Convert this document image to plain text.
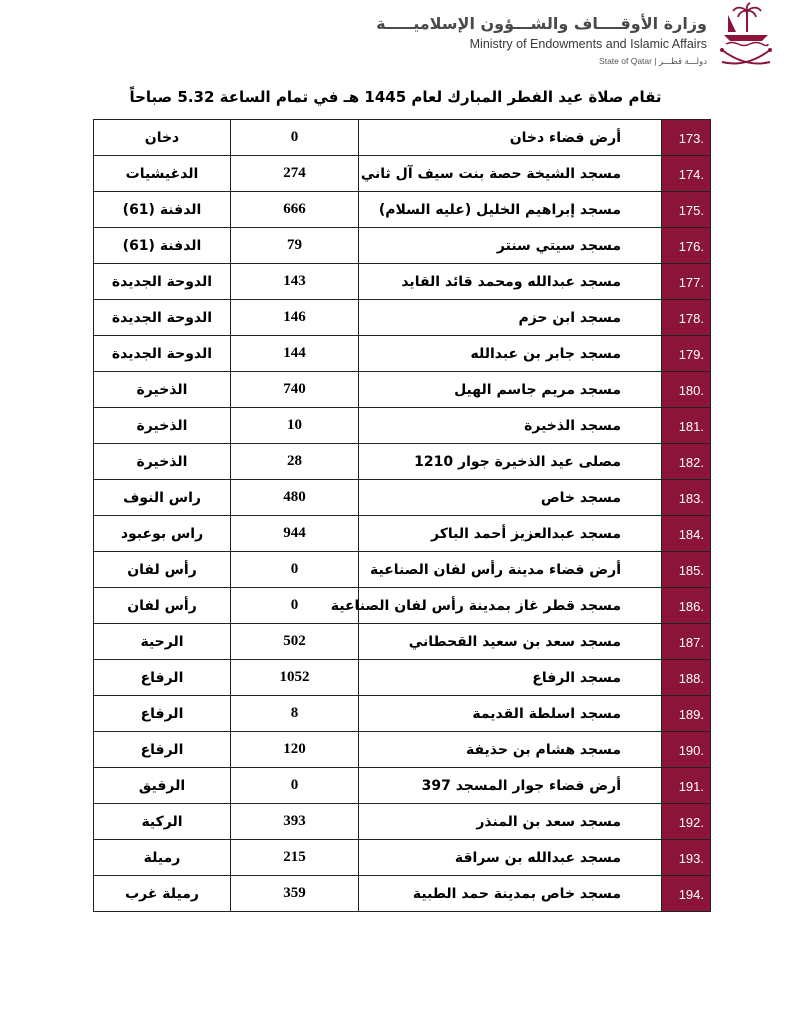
وزارة الأوقــــاف والشـــؤون الإسلاميـــــة
Ministry of Endowments and Islamic Affairs
State of Qatar | دولـــة قطـــر
تقام صلاة عيد الفطر المبارك لعام 1445 هـ في تمام الساعة 5.32 صباحاً
دخان	0	أرض فضاء دخان	173.
الدغيشيات	274	مسجد الشيخة حصة بنت سيف آل ثاني	174.
الدفنة (61)	666	مسجد إبراهيم الخليل (عليه السلام)	175.
الدفنة (61)	79	مسجد سيتي سنتر	176.
الدوحة الجديدة	143	مسجد عبدالله ومحمد قائد القايد	177.
الدوحة الجديدة	146	مسجد ابن حزم	178.
الدوحة الجديدة	144	مسجد جابر بن عبدالله	179.
الذخيرة	740	مسجد مريم جاسم الهيل	180.
الذخيرة	10	مسجد الذخيرة	181.
الذخيرة	28	مصلى عيد الذخيرة جوار 1210	182.
راس النوف	480	مسجد خاص	183.
راس بوعبود	944	مسجد عبدالعزيز أحمد الباكر	184.
رأس لفان	0	أرض فضاء مدينة رأس لفان الصناعية	185.
رأس لفان	0	مسجد قطر غاز بمدينة رأس لفان الصناعية	186.
الرحية	502	مسجد سعد بن سعيد القحطاني	187.
الرفاع	1052	مسجد الرفاع	188.
الرفاع	8	مسجد اسلطة القديمة	189.
الرفاع	120	مسجد هشام بن حذيفة	190.
الرفيق	0	أرض فضاء جوار المسجد 397	191.
الركية	393	مسجد سعد بن المنذر	192.
رميلة	215	مسجد عبدالله بن سراقة	193.
رميلة غرب	359	مسجد خاص بمدينة حمد الطبية	194.
